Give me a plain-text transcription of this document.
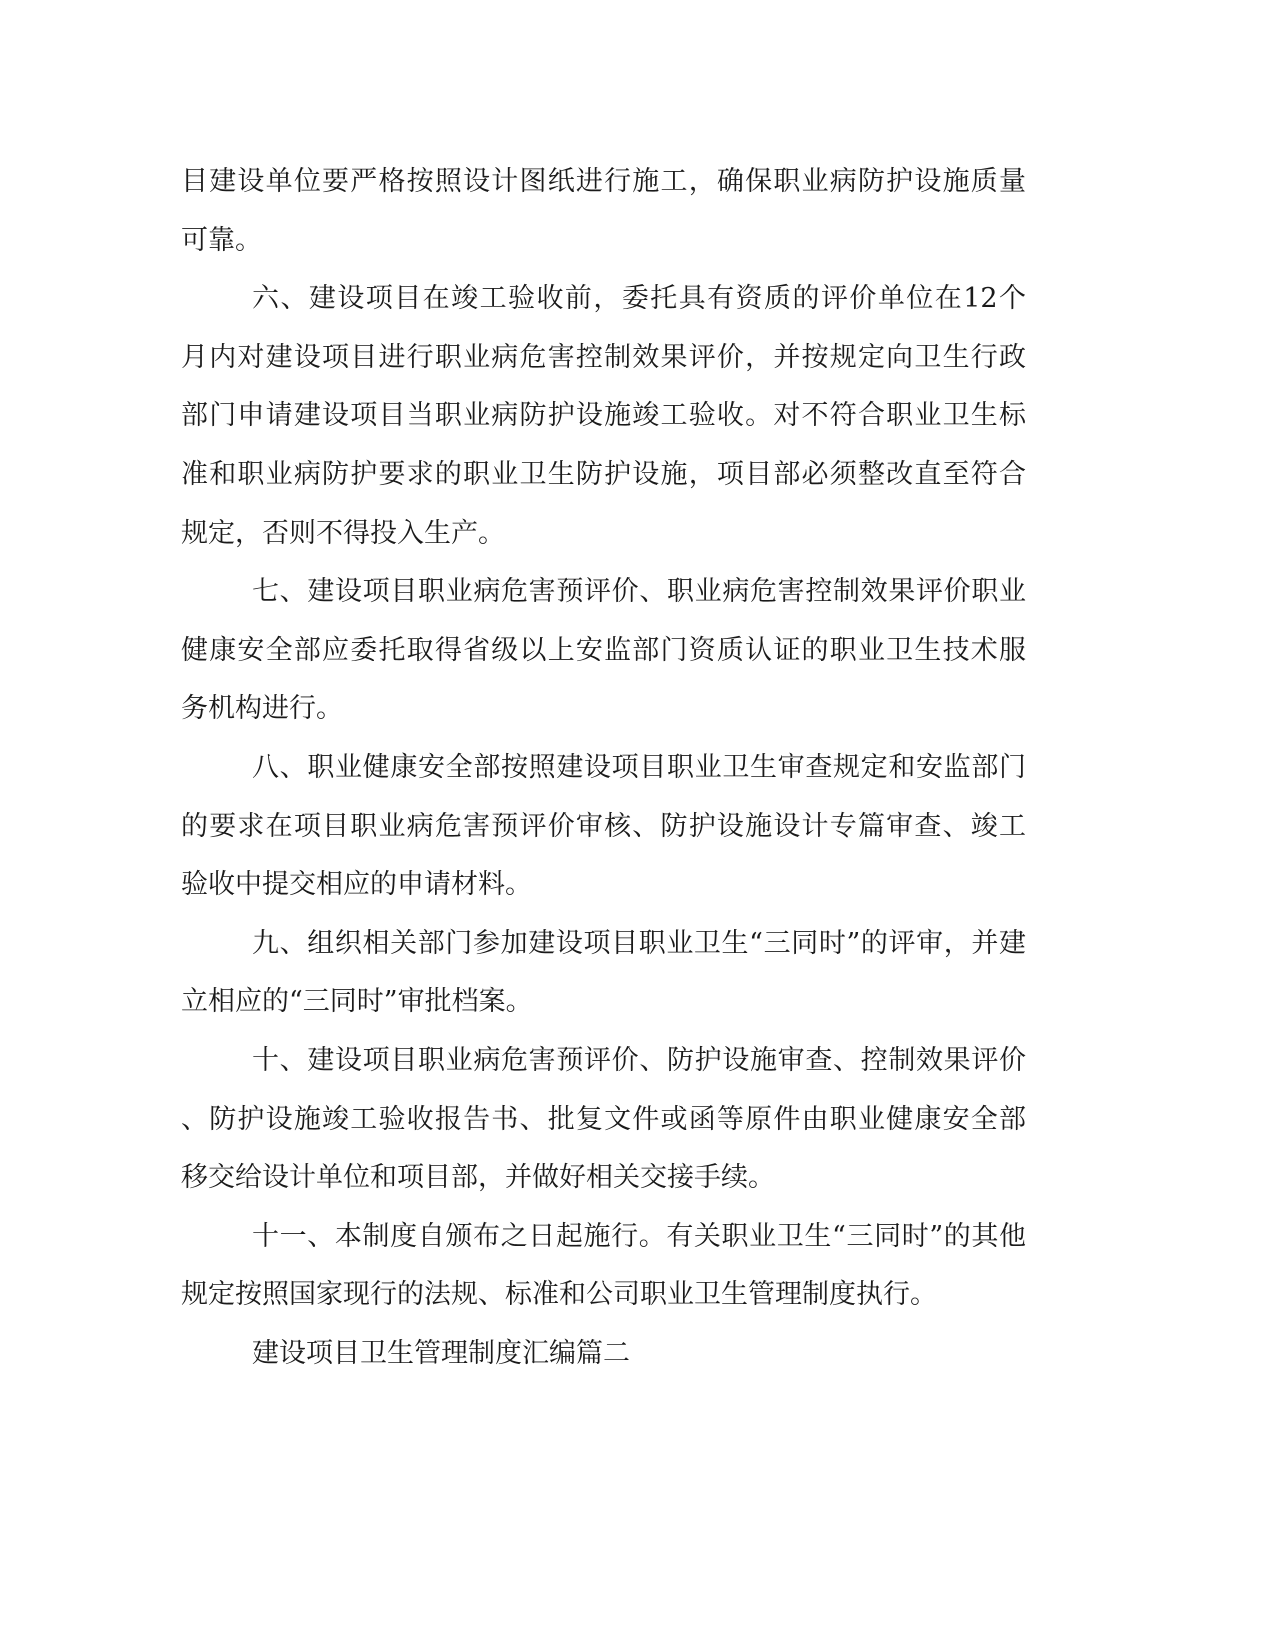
目建设单位要严格按照设计图纸进行施工，确保职业病防护设施质量
可靠。
六、建设项目在竣工验收前，委托具有资质的评价单位在12个
月内对建设项目进行职业病危害控制效果评价，并按规定向卫生行政
部门申请建设项目当职业病防护设施竣工验收。对不符合职业卫生标
准和职业病防护要求的职业卫生防护设施，项目部必须整改直至符合
规定，否则不得投入生产。
七、建设项目职业病危害预评价、职业病危害控制效果评价职业
健康安全部应委托取得省级以上安监部门资质认证的职业卫生技术服
务机构进行。
八、职业健康安全部按照建设项目职业卫生审查规定和安监部门
的要求在项目职业病危害预评价审核、防护设施设计专篇审查、竣工
验收中提交相应的申请材料。
九、组织相关部门参加建设项目职业卫生“三同时”的评审，并建
立相应的“三同时”审批档案。
十、建设项目职业病危害预评价、防护设施审查、控制效果评价
、防护设施竣工验收报告书、批复文件或函等原件由职业健康安全部
移交给设计单位和项目部，并做好相关交接手续。
十一、本制度自颁布之日起施行。有关职业卫生“三同时”的其他
规定按照国家现行的法规、标准和公司职业卫生管理制度执行。
建设项目卫生管理制度汇编篇二
